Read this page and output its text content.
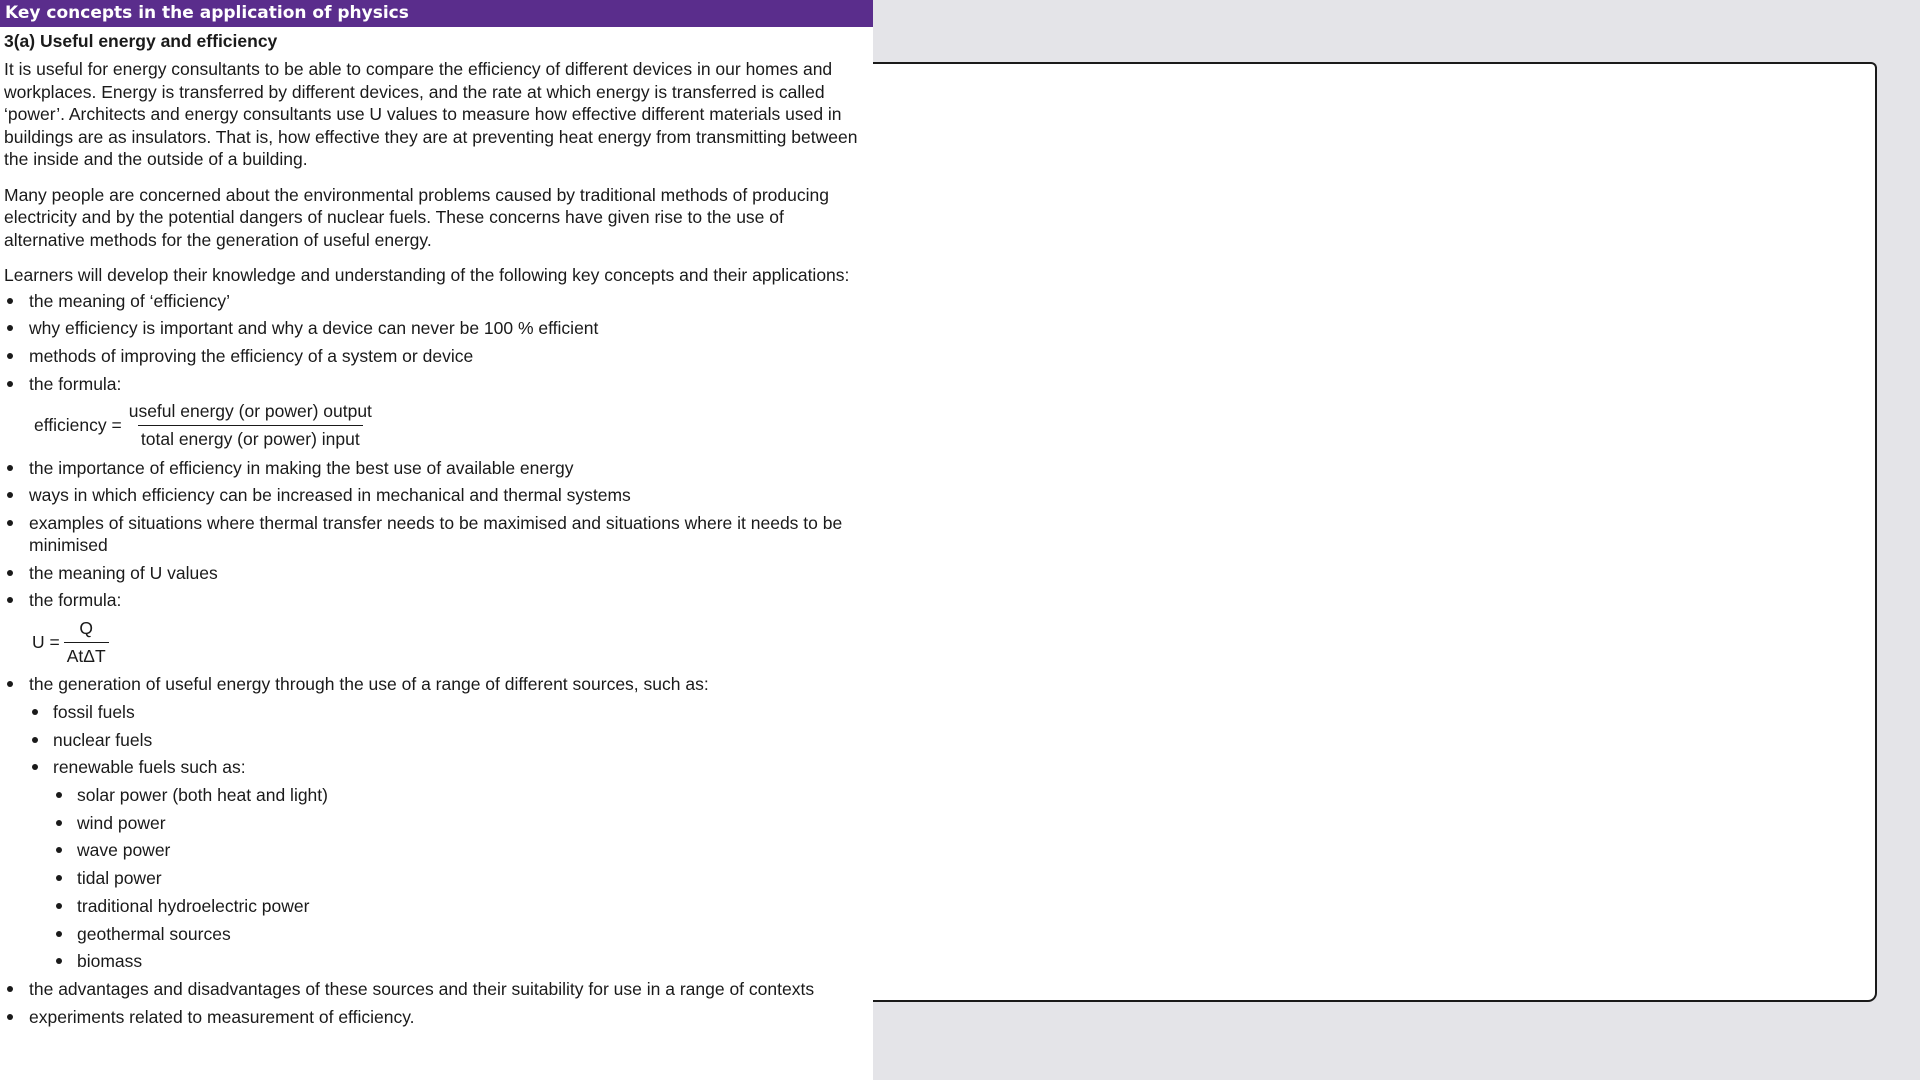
Key concepts in the application of physics
3(a) Useful energy and efficiency

It is useful for energy consultants to be able to compare the efficiency of different devices in our homes and workplaces. Energy is transferred by different devices, and the rate at which energy is transferred is called ‘power’. Architects and energy consultants use U values to measure how effective different materials used in buildings are as insulators. That is, how effective they are at preventing heat energy from transmitting between the inside and the outside of a building.

Many people are concerned about the environmental problems caused by traditional methods of producing electricity and by the potential dangers of nuclear fuels. These concerns have given rise to the use of alternative methods for the generation of useful energy.

Learners will develop their knowledge and understanding of the following key concepts and their applications:

the meaning of ‘efficiency’
why efficiency is important and why a device can never be 100 % efficient
methods of improving the efficiency of a system or device
the formula:
efficiency = $\frac{\text{useful energy (or power) output}}{\text{total energy (or power) input}}$
the importance of efficiency in making the best use of available energy
ways in which efficiency can be increased in mechanical and thermal systems
examples of situations where thermal transfer needs to be maximised and situations where it needs to be minimised
the meaning of U values
the formula:
$U = \frac{Q}{\text{AtΔT}}$
the generation of useful energy through the use of a range of different sources, such as:
fossil fuels
nuclear fuels
renewable fuels such as:
solar power (both heat and light)
wind power
wave power
tidal power
traditional hydroelectric power
geothermal sources
biomass
the advantages and disadvantages of these sources and their suitability for use in a range of contexts
experiments related to measurement of efficiency.
